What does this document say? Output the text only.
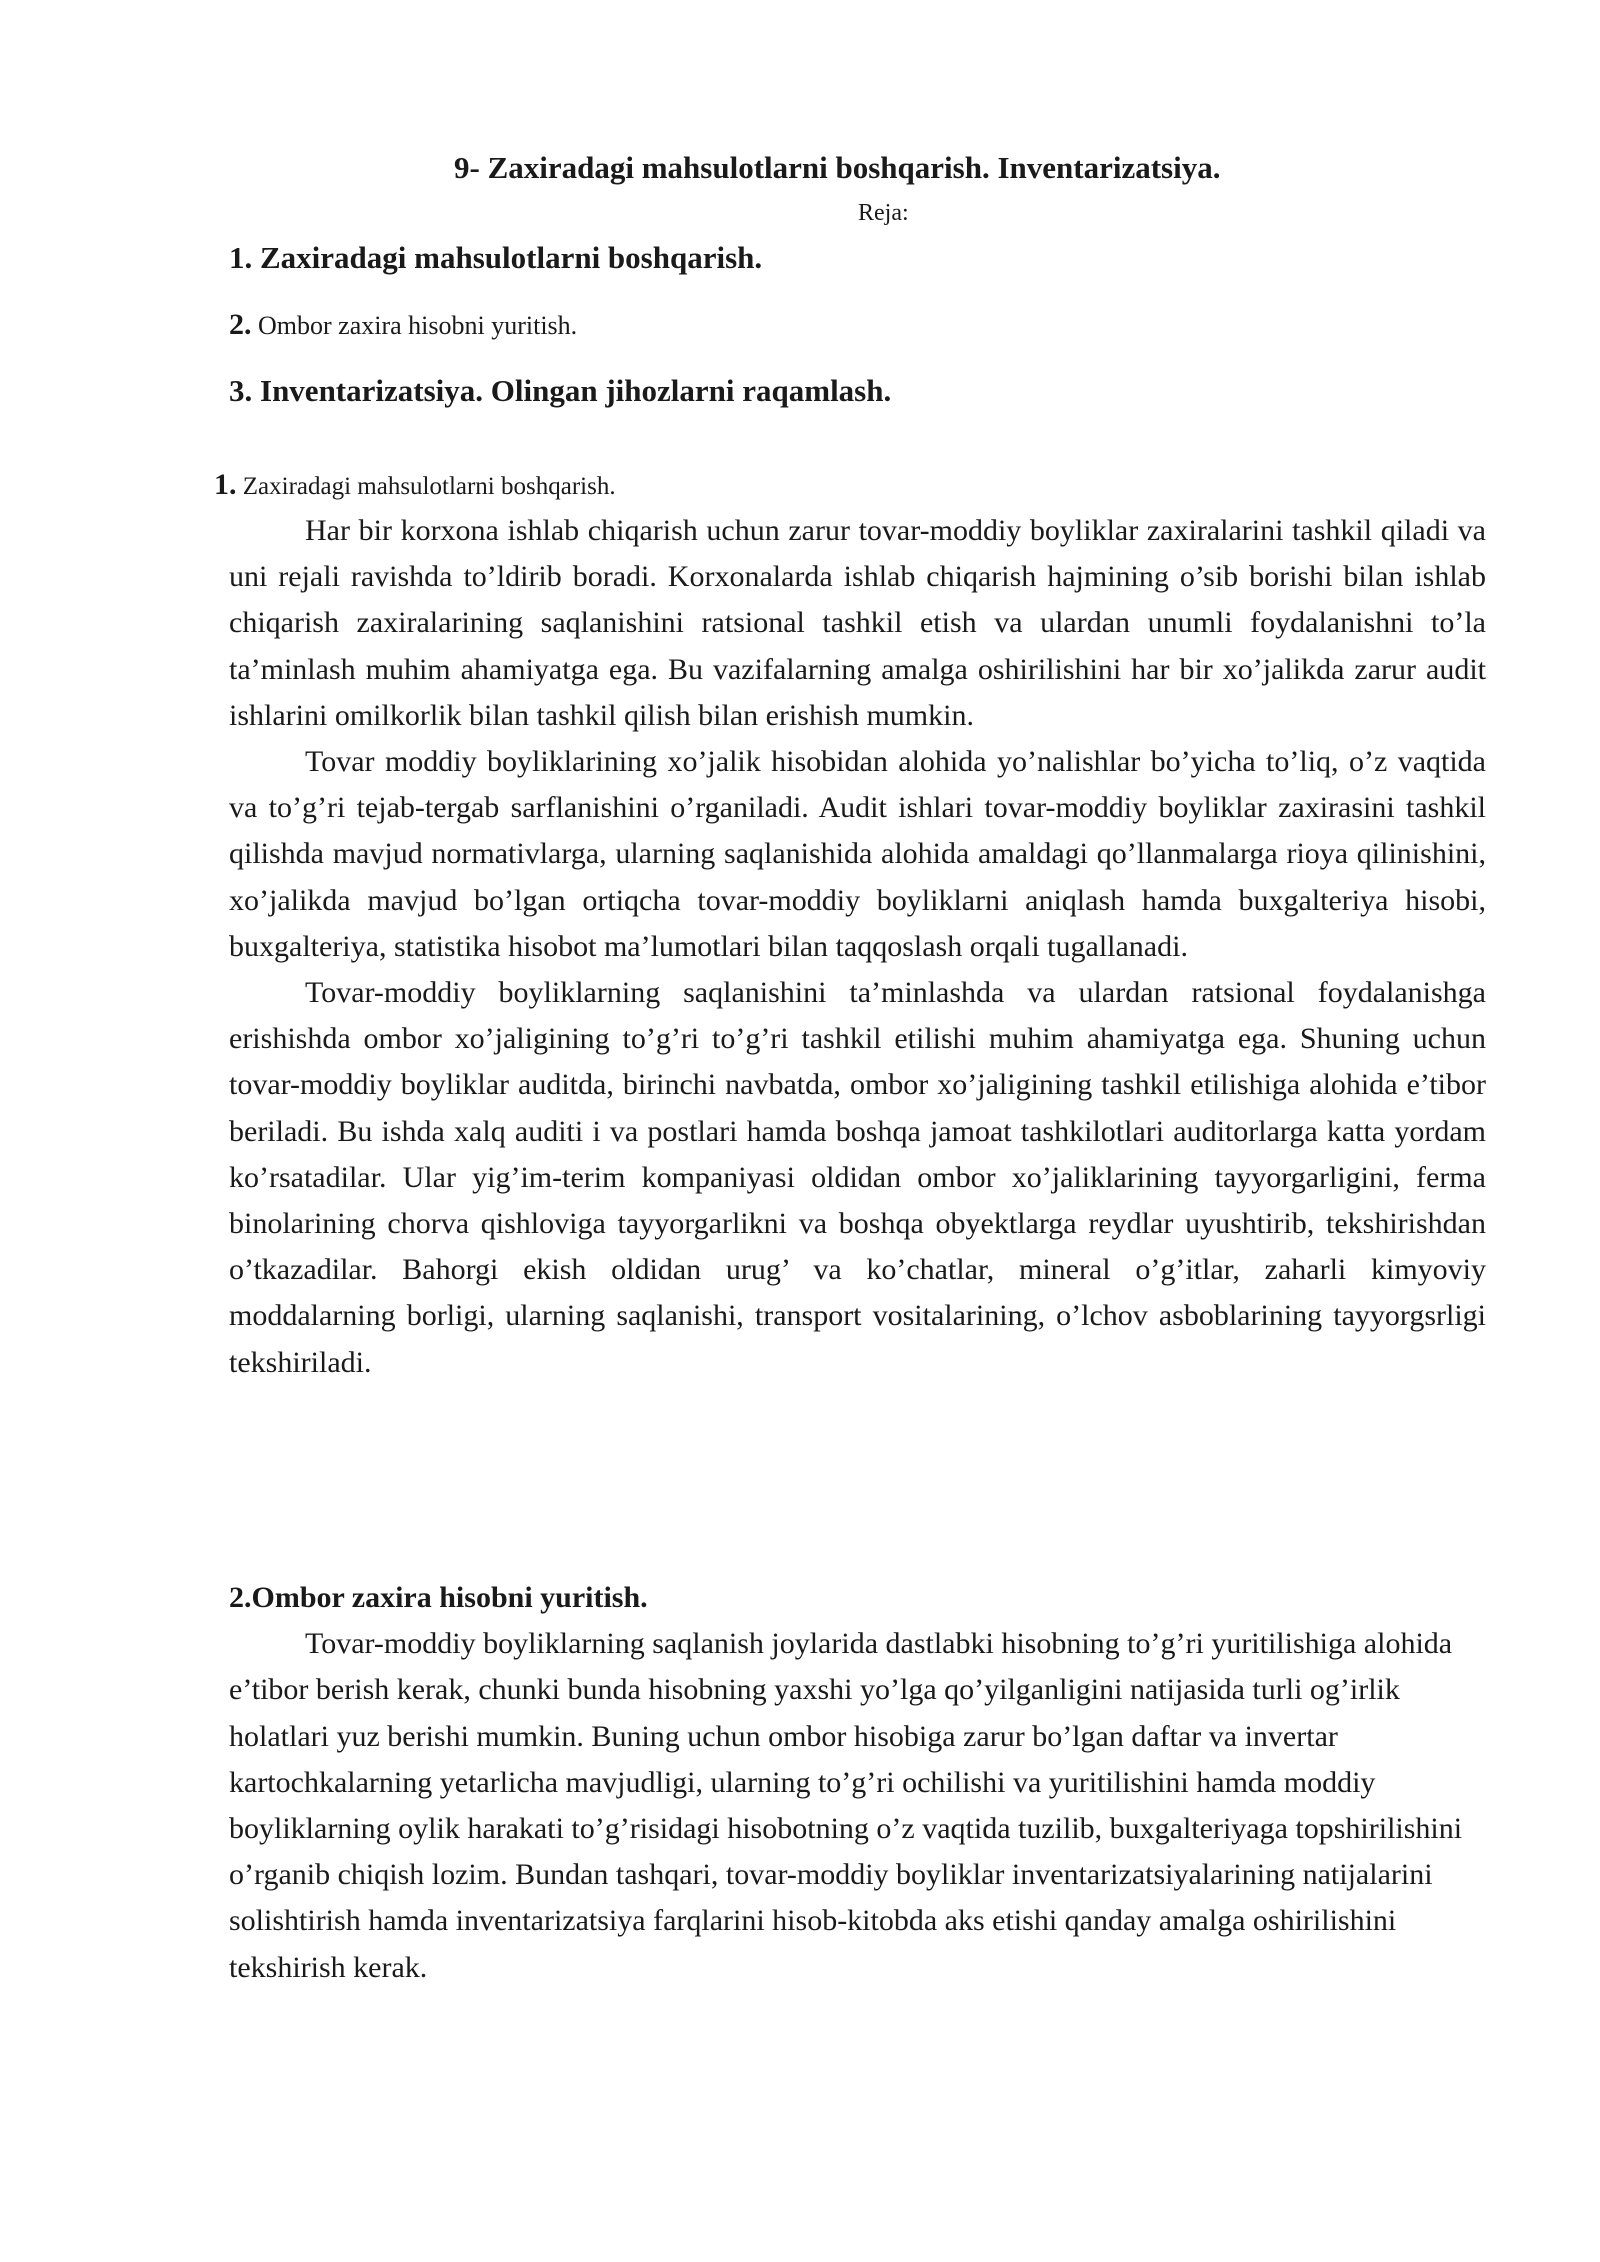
9- Zaxiradagi mahsulotlarni boshqarish. Inventarizatsiya.

Reja:

1. Zaxiradagi mahsulotlarni boshqarish.

2. Ombor zaxira hisobni yuritish.

3. Inventarizatsiya. Olingan jihozlarni raqamlash.

1. Zaxiradagi mahsulotlarni boshqarish.

Har bir korxona ishlab chiqarish uchun zarur tovar-moddiy boyliklar zaxiralarini tashkil qiladi va uni rejali ravishda to’ldirib boradi. Korxonalarda ishlab chiqarish hajmining o’sib borishi bilan ishlab chiqarish zaxiralarining saqlanishini ratsional tashkil etish va ulardan unumli foydalanishni to’la ta’minlash muhim ahamiyatga ega. Bu vazifalarning amalga oshirilishini har bir xo’jalikda zarur audit ishlarini omilkorlik bilan tashkil qilish bilan erishish mumkin.

Tovar moddiy boyliklarining xo’jalik hisobidan alohida yo’nalishlar bo’yicha to’liq, o’z vaqtida va to’g’ri tejab-tergab sarflanishini o’rganiladi. Audit ishlari tovar-moddiy boyliklar zaxirasini tashkil qilishda mavjud normativlarga, ularning saqlanishida alohida amaldagi qo’llanmalarga rioya qilinishini, xo’jalikda mavjud bo’lgan ortiqcha tovar-moddiy boyliklarni aniqlash hamda buxgalteriya hisobi, buxgalteriya, statistika hisobot ma’lumotlari bilan taqqoslash orqali tugallanadi.

Tovar-moddiy boyliklarning saqlanishini ta’minlashda va ulardan ratsional foydalanishga erishishda ombor xo’jaligining to’g’ri to’g’ri tashkil etilishi muhim ahamiyatga ega. Shuning uchun tovar-moddiy boyliklar auditda, birinchi navbatda, ombor xo’jaligining tashkil etilishiga alohida e’tibor beriladi. Bu ishda xalq auditi i va postlari hamda boshqa jamoat tashkilotlari auditorlarga katta yordam ko’rsatadilar. Ular yig’im-terim kompaniyasi oldidan ombor xo’jaliklarining tayyorgarligini, ferma binolarining chorva qishloviga tayyorgarlikni va boshqa obyektlarga reydlar uyushtirib, tekshirishdan o’tkazadilar. Bahorgi ekish oldidan urug’ va ko’chatlar, mineral o’g’itlar, zaharli kimyoviy moddalarning borligi, ularning saqlanishi, transport vositalarining, o’lchov asboblarining tayyorgsrligi tekshiriladi.

2.Ombor zaxira hisobni yuritish.

Tovar-moddiy boyliklarning saqlanish joylarida dastlabki hisobning to’g’ri yuritilishiga alohida e’tibor berish kerak, chunki bunda hisobning yaxshi yo’lga qo’yilganligini natijasida turli og’irlik holatlari yuz berishi mumkin. Buning uchun ombor hisobiga zarur bo’lgan daftar va invertar kartochkalarning yetarlicha mavjudligi, ularning to’g’ri ochilishi va yuritilishini hamda moddiy boyliklarning oylik harakati to’g’risidagi hisobotning o’z vaqtida tuzilib, buxgalteriyaga topshirilishini o’rganib chiqish lozim. Bundan tashqari, tovar-moddiy boyliklar inventarizatsiyalarining natijalarini solishtirish hamda inventarizatsiya farqlarini hisob-kitobda aks etishi qanday amalga oshirilishini tekshirish kerak.
